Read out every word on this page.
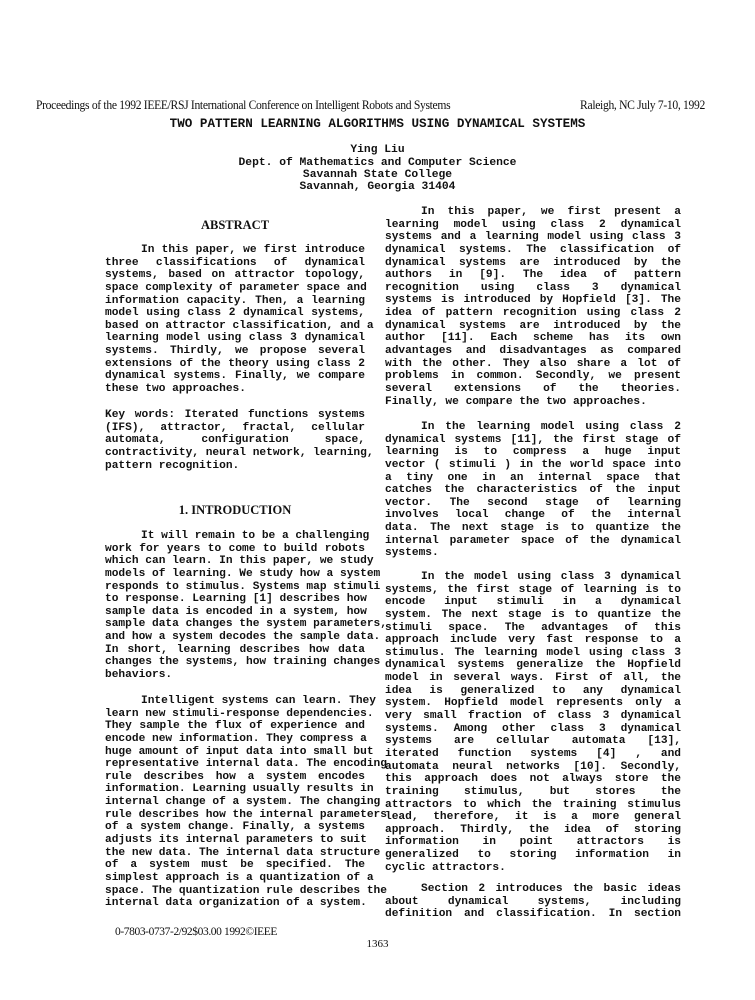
Proceedings of the 1992 IEEE/RSJ International Conference on Intelligent Robots and Systems	Raleigh, NC July 7-10, 1992
TWO PATTERN LEARNING ALGORITHMS USING DYNAMICAL SYSTEMS
Ying Liu
Dept. of Mathematics and Computer Science
Savannah State College
Savannah, Georgia 31404
ABSTRACT
In this paper, we first introduce
three classifications of dynamical
systems, based on attractor topology,
space complexity of parameter space and
information capacity. Then, a learning
model using class 2 dynamical systems,
based on attractor classification, and a
learning model using class 3 dynamical
systems. Thirdly, we propose several
extensions of the theory using class 2
dynamical systems. Finally, we compare
these two approaches.
Key words: Iterated functions systems
(IFS), attractor, fractal, cellular
automata, configuration space,
contractivity, neural network, learning,
pattern recognition.
1. INTRODUCTION
It will remain to be a challenging
work for years to come to build robots
which can learn. In this paper, we study
models of learning. We study how a system
responds to stimulus. Systems map stimuli
to response. Learning [1] describes how
sample data is encoded in a system, how
sample data changes the system parameters,
and how a system decodes the sample data.
In short, learning describes how data
changes the systems, how training changes
behaviors.
Intelligent systems can learn. They
learn new stimuli-response dependencies.
They sample the flux of experience and
encode new information. They compress a
huge amount of input data into small but
representative internal data. The encoding
rule describes how a system encodes
information. Learning usually results in
internal change of a system. The changing
rule describes how the internal parameters
of a system change. Finally, a systems
adjusts its internal parameters to suit
the new data. The internal data structure
of a system must be specified. The
simplest approach is a quantization of a
space. The quantization rule describes the
internal data organization of a system.
In this paper, we first present a
learning model using class 2 dynamical
systems and a learning model using class 3
dynamical systems. The classification of
dynamical systems are introduced by the
authors in [9]. The idea of pattern
recognition using class 3 dynamical
systems is introduced by Hopfield [3]. The
idea of pattern recognition using class 2
dynamical systems are introduced by the
author [11]. Each scheme has its own
advantages and disadvantages as compared
with the other. They also share a lot of
problems in common. Secondly, we present
several extensions of the theories.
Finally, we compare the two approaches.
In the learning model using class 2
dynamical systems [11], the first stage of
learning is to compress a huge input
vector ( stimuli ) in the world space into
a tiny one in an internal space that
catches the characteristics of the input
vector. The second stage of learning
involves local change of the internal
data. The next stage is to quantize the
internal parameter space of the dynamical
systems.
In the model using class 3 dynamical
systems, the first stage of learning is to
encode input stimuli in a dynamical
system. The next stage is to quantize the
stimuli space. The advantages of this
approach include very fast response to a
stimulus. The learning model using class 3
dynamical systems generalize the Hopfield
model in several ways. First of all, the
idea is generalized to any dynamical
system. Hopfield model represents only a
very small fraction of class 3 dynamical
systems. Among other class 3 dynamical
systems are cellular automata [13],
iterated function systems [4] , and
automata neural networks [10]. Secondly,
this approach does not always store the
training stimulus, but stores the
attractors to which the training stimulus
lead, therefore, it is a more general
approach. Thirdly, the idea of storing
information in point attractors is
generalized to storing information in
cyclic attractors.
Section 2 introduces the basic ideas
about dynamical systems, including
definition and classification. In section
0-7803-0737-2/92$03.00 1992©IEEE
1363
